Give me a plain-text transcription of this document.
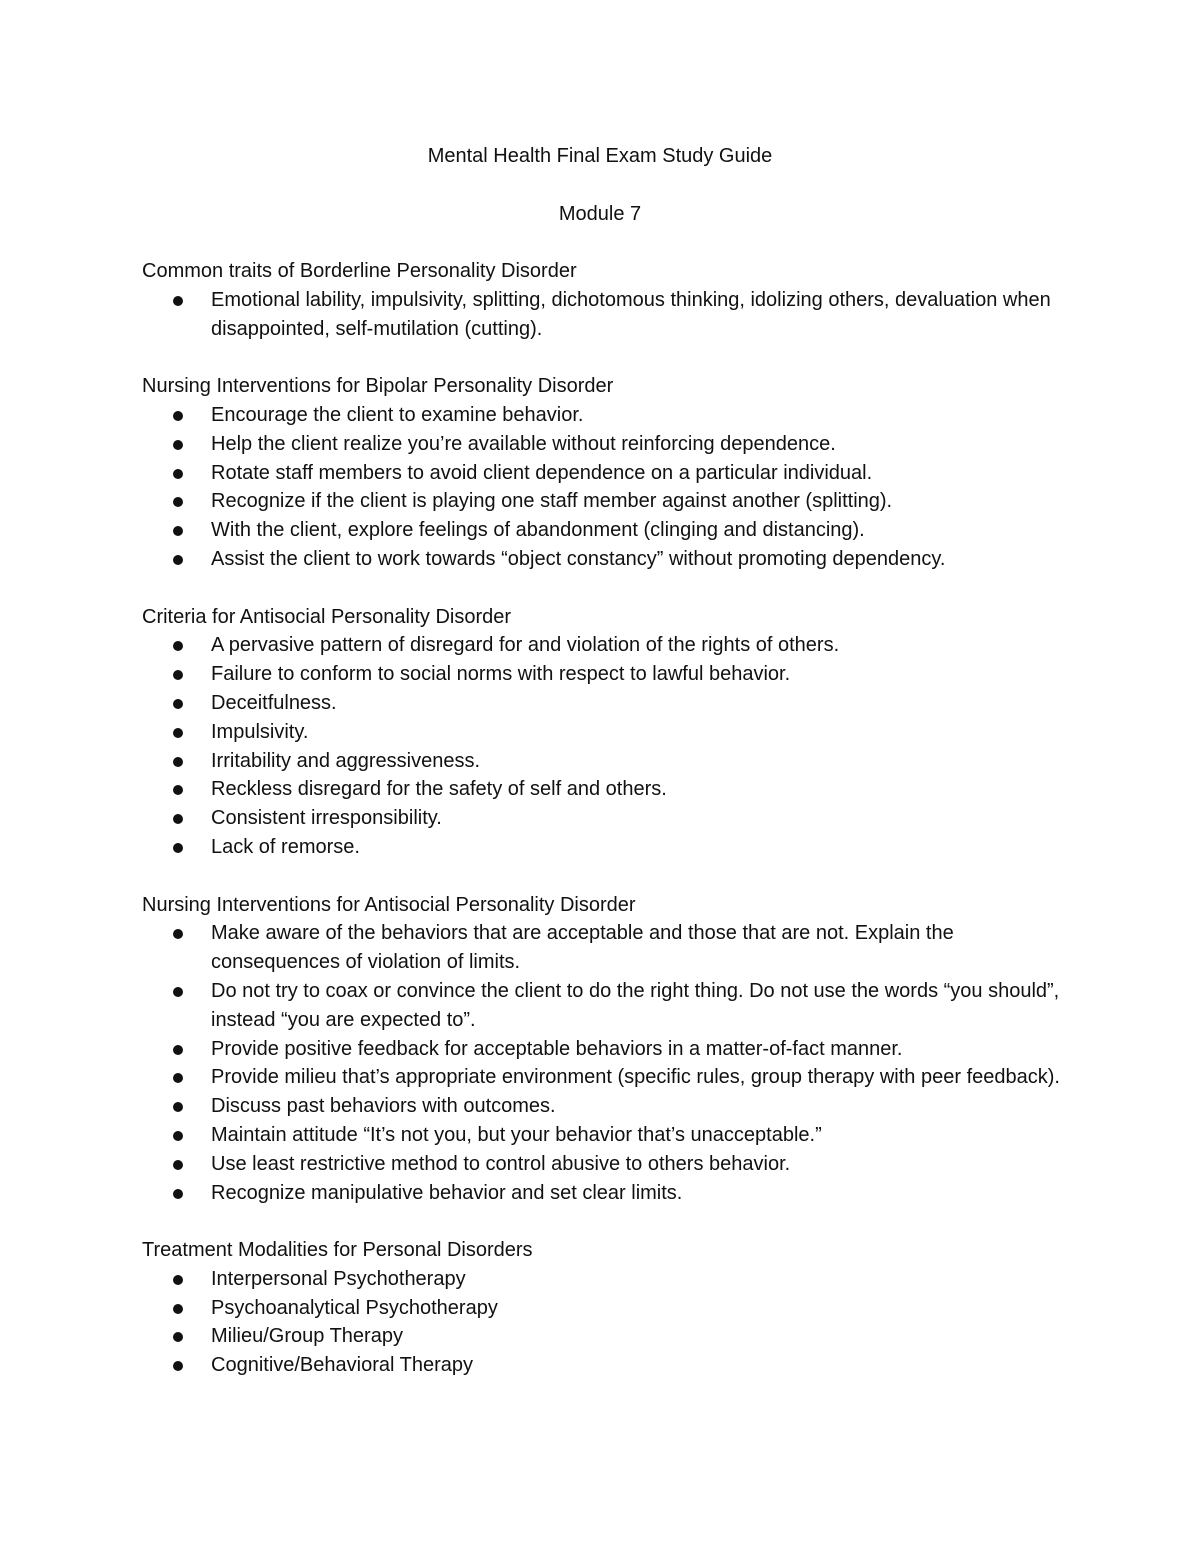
Mental Health Final Exam Study Guide
Module 7

Common traits of Borderline Personality Disorder

Emotional lability, impulsivity, splitting, dichotomous thinking, idolizing others, devaluation when disappointed, self-mutilation (cutting).

Nursing Interventions for Bipolar Personality Disorder

Encourage the client to examine behavior.
Help the client realize you’re available without reinforcing dependence.
Rotate staff members to avoid client dependence on a particular individual.
Recognize if the client is playing one staff member against another (splitting).
With the client, explore feelings of abandonment (clinging and distancing).
Assist the client to work towards “object constancy” without promoting dependency.

Criteria for Antisocial Personality Disorder

A pervasive pattern of disregard for and violation of the rights of others.
Failure to conform to social norms with respect to lawful behavior.
Deceitfulness.
Impulsivity.
Irritability and aggressiveness.
Reckless disregard for the safety of self and others.
Consistent irresponsibility.
Lack of remorse.

Nursing Interventions for Antisocial Personality Disorder

Make aware of the behaviors that are acceptable and those that are not. Explain the consequences of violation of limits.
Do not try to coax or convince the client to do the right thing. Do not use the words “you should”, instead “you are expected to”.
Provide positive feedback for acceptable behaviors in a matter-of-fact manner.
Provide milieu that’s appropriate environment (specific rules, group therapy with peer feedback).
Discuss past behaviors with outcomes.
Maintain attitude “It’s not you, but your behavior that’s unacceptable.”
Use least restrictive method to control abusive to others behavior.
Recognize manipulative behavior and set clear limits.

Treatment Modalities for Personal Disorders

Interpersonal Psychotherapy
Psychoanalytical Psychotherapy
Milieu/Group Therapy
Cognitive/Behavioral Therapy
